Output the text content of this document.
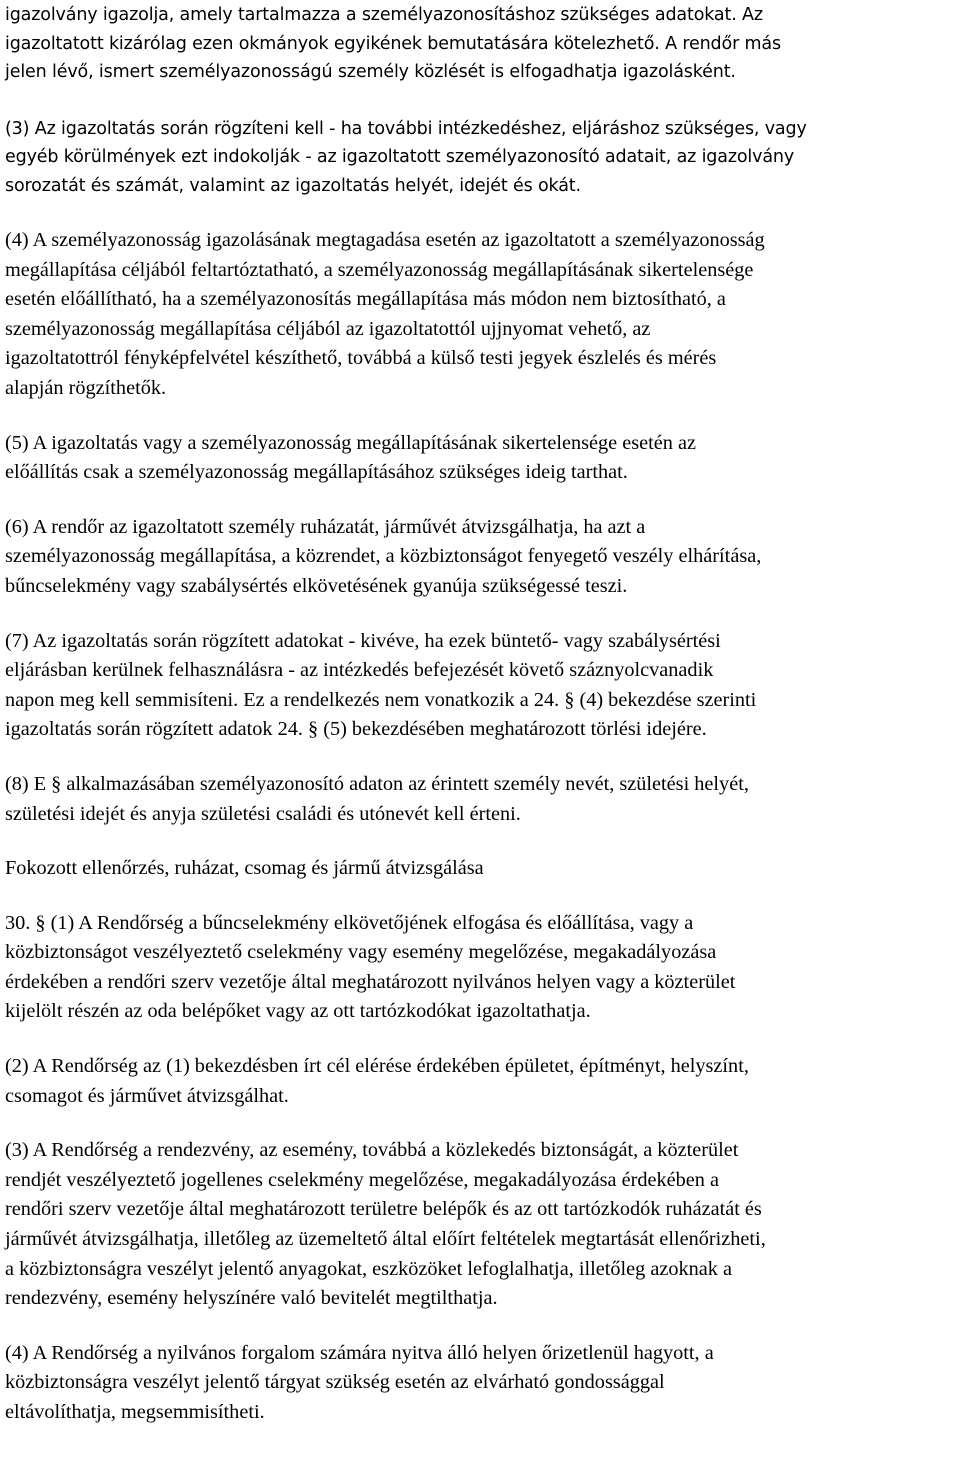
igazolvány igazolja, amely tartalmazza a személyazonosításhoz szükséges adatokat. Az
igazoltatott kizárólag ezen okmányok egyikének bemutatására kötelezhető. A rendőr más
jelen lévő, ismert személyazonosságú személy közlését is elfogadhatja igazolásként.

(3) Az igazoltatás során rögzíteni kell - ha további intézkedéshez, eljáráshoz szükséges, vagy
egyéb körülmények ezt indokolják - az igazoltatott személyazonosító adatait, az igazolvány
sorozatát és számát, valamint az igazoltatás helyét, idejét és okát.

(4) A személyazonosság igazolásának megtagadása esetén az igazoltatott a személyazonosság
megállapítása céljából feltartóztatható, a személyazonosság megállapításának sikertelensége
esetén előállítható, ha a személyazonosítás megállapítása más módon nem biztosítható, a
személyazonosság megállapítása céljából az igazoltatottól ujjnyomat vehető, az
igazoltatottról fényképfelvétel készíthető, továbbá a külső testi jegyek észlelés és mérés
alapján rögzíthetők.

(5) A igazoltatás vagy a személyazonosság megállapításának sikertelensége esetén az
előállítás csak a személyazonosság megállapításához szükséges ideig tarthat.

(6) A rendőr az igazoltatott személy ruházatát, járművét átvizsgálhatja, ha azt a
személyazonosság megállapítása, a közrendet, a közbiztonságot fenyegető veszély elhárítása,
bűncselekmény vagy szabálysértés elkövetésének gyanúja szükségessé teszi.

(7) Az igazoltatás során rögzített adatokat - kivéve, ha ezek büntető- vagy szabálysértési
eljárásban kerülnek felhasználásra - az intézkedés befejezését követő száznyolcvanadik
napon meg kell semmisíteni. Ez a rendelkezés nem vonatkozik a 24. § (4) bekezdése szerinti
igazoltatás során rögzített adatok 24. § (5) bekezdésében meghatározott törlési idejére.

(8) E § alkalmazásában személyazonosító adaton az érintett személy nevét, születési helyét,
születési idejét és anyja születési családi és utónevét kell érteni.

Fokozott ellenőrzés, ruházat, csomag és jármű átvizsgálása

30. § (1) A Rendőrség a bűncselekmény elkövetőjének elfogása és előállítása, vagy a
közbiztonságot veszélyeztető cselekmény vagy esemény megelőzése, megakadályozása
érdekében a rendőri szerv vezetője által meghatározott nyilvános helyen vagy a közterület
kijelölt részén az oda belépőket vagy az ott tartózkodókat igazoltathatja.

(2) A Rendőrség az (1) bekezdésben írt cél elérése érdekében épületet, építményt, helyszínt,
csomagot és járművet átvizsgálhat.

(3) A Rendőrség a rendezvény, az esemény, továbbá a közlekedés biztonságát, a közterület
rendjét veszélyeztető jogellenes cselekmény megelőzése, megakadályozása érdekében a
rendőri szerv vezetője által meghatározott területre belépők és az ott tartózkodók ruházatát és
járművét átvizsgálhatja, illetőleg az üzemeltető által előírt feltételek megtartását ellenőrizheti,
a közbiztonságra veszélyt jelentő anyagokat, eszközöket lefoglalhatja, illetőleg azoknak a
rendezvény, esemény helyszínére való bevitelét megtilthatja.

(4) A Rendőrség a nyilvános forgalom számára nyitva álló helyen őrizetlenül hagyott, a
közbiztonságra veszélyt jelentő tárgyat szükség esetén az elvárható gondossággal
eltávolíthatja, megsemmisítheti.
